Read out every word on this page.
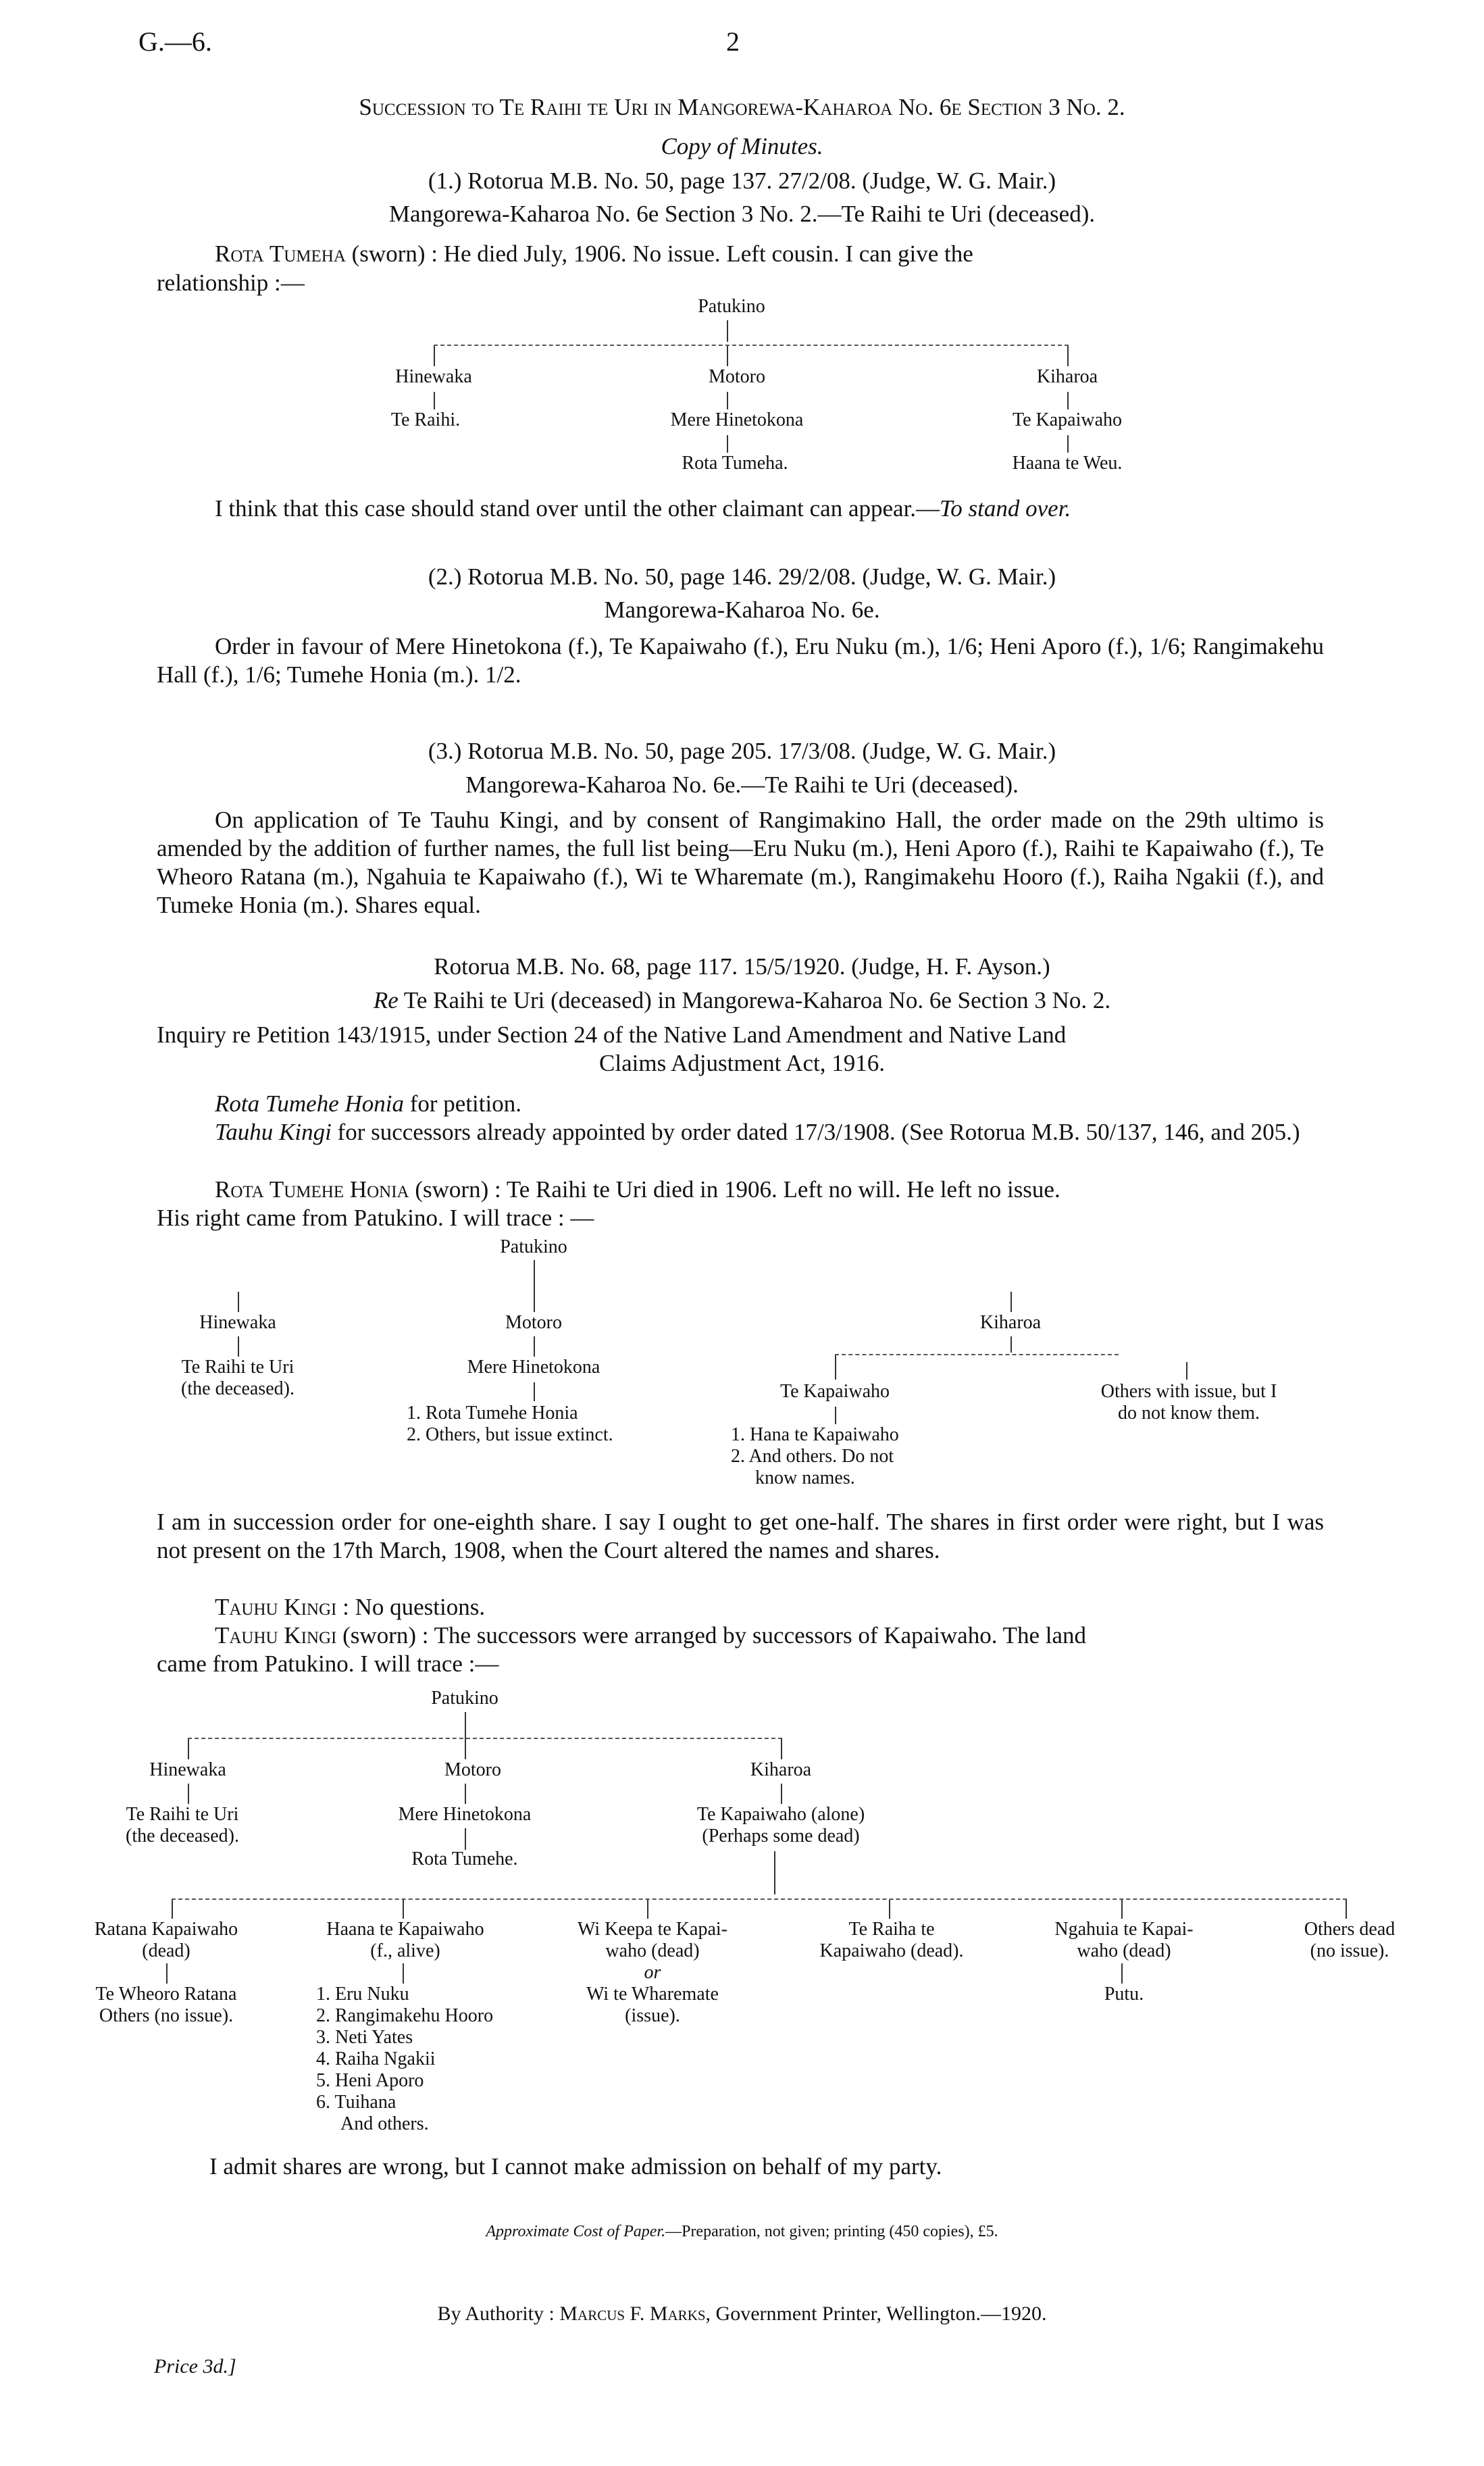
G.—6.	2
Succession to Te Raihi te Uri in Mangorewa-Kaharoa No. 6e Section 3 No. 2.
Copy of Minutes.
(1.) Rotorua M.B. No. 50, page 137. 27/2/08. (Judge, W. G. Mair.)
Mangorewa-Kaharoa No. 6e Section 3 No. 2.—Te Raihi te Uri (deceased).
Rota Tumeha (sworn) : He died July, 1906. No issue. Left cousin. I can give the
relationship :—
Patukino
Hinewaka	Motoro	Kiharoa
Te Raihi.	Mere Hinetokona	Te Kapaiwaho
Rota Tumeha.	Haana te Weu.
I think that this case should stand over until the other claimant can appear.—To stand over.
(2.) Rotorua M.B. No. 50, page 146. 29/2/08. (Judge, W. G. Mair.)
Mangorewa-Kaharoa No. 6e.
Order in favour of Mere Hinetokona (f.), Te Kapaiwaho (f.), Eru Nuku (m.), 1/6; Heni Aporo (f.), 1/6; Rangimakehu Hall (f.), 1/6; Tumehe Honia (m.). 1/2.
(3.) Rotorua M.B. No. 50, page 205. 17/3/08. (Judge, W. G. Mair.)
Mangorewa-Kaharoa No. 6e.—Te Raihi te Uri (deceased).
On application of Te Tauhu Kingi, and by consent of Rangimakino Hall, the order made on the 29th ultimo is amended by the addition of further names, the full list being—Eru Nuku (m.), Heni Aporo (f.), Raihi te Kapaiwaho (f.), Te Wheoro Ratana (m.), Ngahuia te Kapaiwaho (f.), Wi te Wharemate (m.), Rangimakehu Hooro (f.), Raiha Ngakii (f.), and Tumeke Honia (m.). Shares equal.
Rotorua M.B. No. 68, page 117. 15/5/1920. (Judge, H. F. Ayson.)
Re Te Raihi te Uri (deceased) in Mangorewa-Kaharoa No. 6e Section 3 No. 2.
Inquiry re Petition 143/1915, under Section 24 of the Native Land Amendment and Native Land
Claims Adjustment Act, 1916.
Rota Tumehe Honia for petition.
Tauhu Kingi for successors already appointed by order dated 17/3/1908. (See Rotorua M.B. 50/137, 146, and 205.)
Rota Tumehe Honia (sworn) : Te Raihi te Uri died in 1906. Left no will. He left no issue.
His right came from Patukino. I will trace : —
Patukino
Hinewaka	Motoro	Kiharoa
Te Raihi te Uri
(the deceased).
Mere Hinetokona
1. Rota Tumehe Honia
2. Others, but issue extinct.
Te Kapaiwaho
1. Hana te Kapaiwaho
2. And others. Do not
know names.
Others with issue, but I
do not know them.
I am in succession order for one-eighth share. I say I ought to get one-half. The shares in first order were right, but I was not present on the 17th March, 1908, when the Court altered the names and shares.
Tauhu Kingi : No questions.
Tauhu Kingi (sworn) : The successors were arranged by successors of Kapaiwaho. The land
came from Patukino. I will trace :—
Patukino
Hinewaka	Motoro	Kiharoa
Te Raihi te Uri
(the deceased).
Mere Hinetokona
Rota Tumehe.
Te Kapaiwaho (alone)
(Perhaps some dead)
Ratana Kapaiwaho
(dead)
Te Wheoro Ratana
Others (no issue).
Haana te Kapaiwaho
(f., alive)
1. Eru Nuku
2. Rangimakehu Hooro
3. Neti Yates
4. Raiha Ngakii
5. Heni Aporo
6. Tuihana
And others.
Wi Keepa te Kapai-
waho (dead)
or
Wi te Wharemate
(issue).
Te Raiha te
Kapaiwaho (dead).
Ngahuia te Kapai-
waho (dead)
Putu.
Others dead
(no issue).
I admit shares are wrong, but I cannot make admission on behalf of my party.
Approximate Cost of Paper.—Preparation, not given; printing (450 copies), £5.
By Authority : Marcus F. Marks, Government Printer, Wellington.—1920.
Price 3d.]
